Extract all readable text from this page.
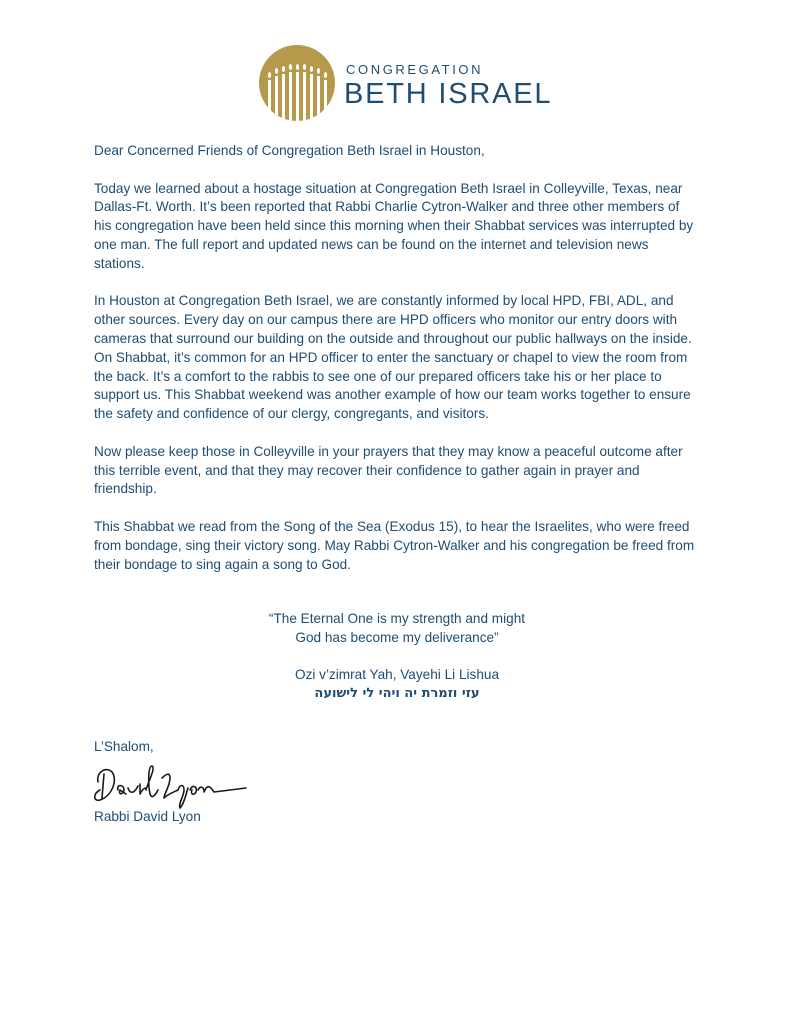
CONGREGATION
BETH ISRAEL

Dear Concerned Friends of Congregation Beth Israel in Houston,

Today we learned about a hostage situation at Congregation Beth Israel in Colleyville, Texas, near Dallas-Ft. Worth. It’s been reported that Rabbi Charlie Cytron-Walker and three other members of his congregation have been held since this morning when their Shabbat services was interrupted by one man. The full report and updated news can be found on the internet and television news stations.

In Houston at Congregation Beth Israel, we are constantly informed by local HPD, FBI, ADL, and other sources. Every day on our campus there are HPD officers who monitor our entry doors with cameras that surround our building on the outside and throughout our public hallways on the inside. On Shabbat, it’s common for an HPD officer to enter the sanctuary or chapel to view the room from the back. It’s a comfort to the rabbis to see one of our prepared officers take his or her place to support us. This Shabbat weekend was another example of how our team works together to ensure the safety and confidence of our clergy, congregants, and visitors.

Now please keep those in Colleyville in your prayers that they may know a peaceful outcome after this terrible event, and that they may recover their confidence to gather again in prayer and friendship.

This Shabbat we read from the Song of the Sea (Exodus 15), to hear the Israelites, who were freed from bondage, sing their victory song. May Rabbi Cytron-Walker and his congregation be freed from their bondage to sing again a song to God.

“The Eternal One is my strength and might

God has become my deliverance”

Ozi v’zimrat Yah, Vayehi Li Lishua

עזי וזמרת יה ויהי לי לישועה

L’Shalom,
Rabbi David Lyon
